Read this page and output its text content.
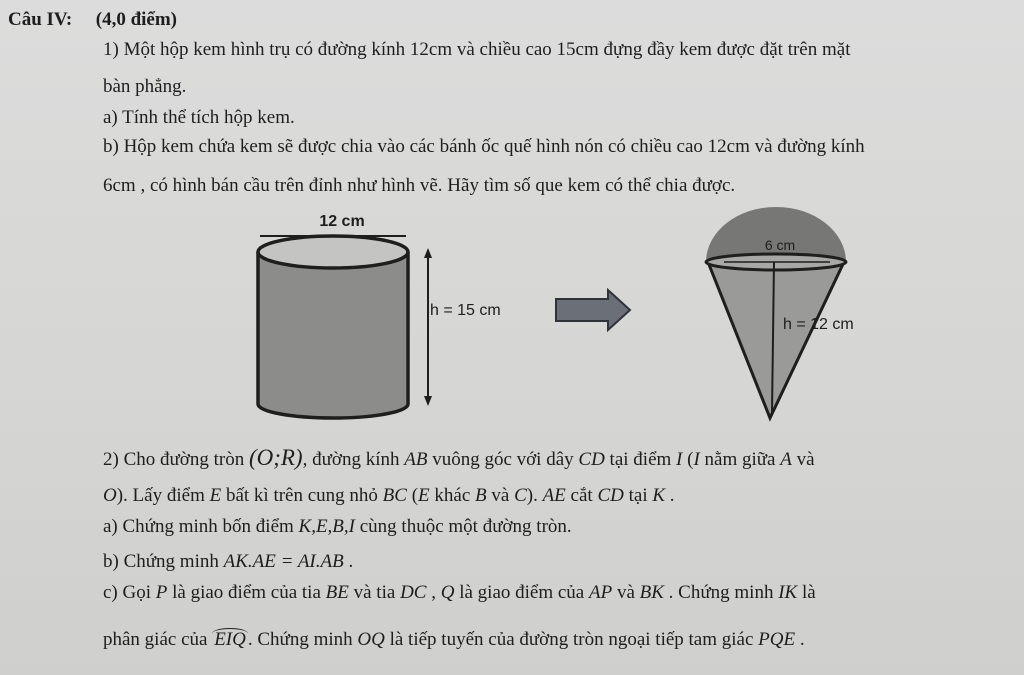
Câu IV: (4,0 điểm)
1) Một hộp kem hình trụ có đường kính 12cm và chiều cao 15cm đựng đầy kem được đặt trên mặt
bàn phẳng.
a) Tính thể tích hộp kem.
b) Hộp kem chứa kem sẽ được chia vào các bánh ốc quế hình nón có chiều cao 12cm và đường kính
6cm , có hình bán cầu trên đỉnh như hình vẽ. Hãy tìm số que kem có thể chia được.
12 cm
h = 15 cm
6 cm
h = 12 cm
2) Cho đường tròn (O;R), đường kính AB vuông góc với dây CD tại điểm I (I nằm giữa A và
O). Lấy điểm E bất kì trên cung nhỏ BC (E khác B và C). AE cắt CD tại K .
a) Chứng minh bốn điểm K,E,B,I cùng thuộc một đường tròn.
b) Chứng minh AK.AE = AI.AB .
c) Gọi P là giao điểm của tia BE và tia DC , Q là giao điểm của AP và BK . Chứng minh IK là
phân giác của EIQ . Chứng minh OQ là tiếp tuyến của đường tròn ngoại tiếp tam giác PQE .
